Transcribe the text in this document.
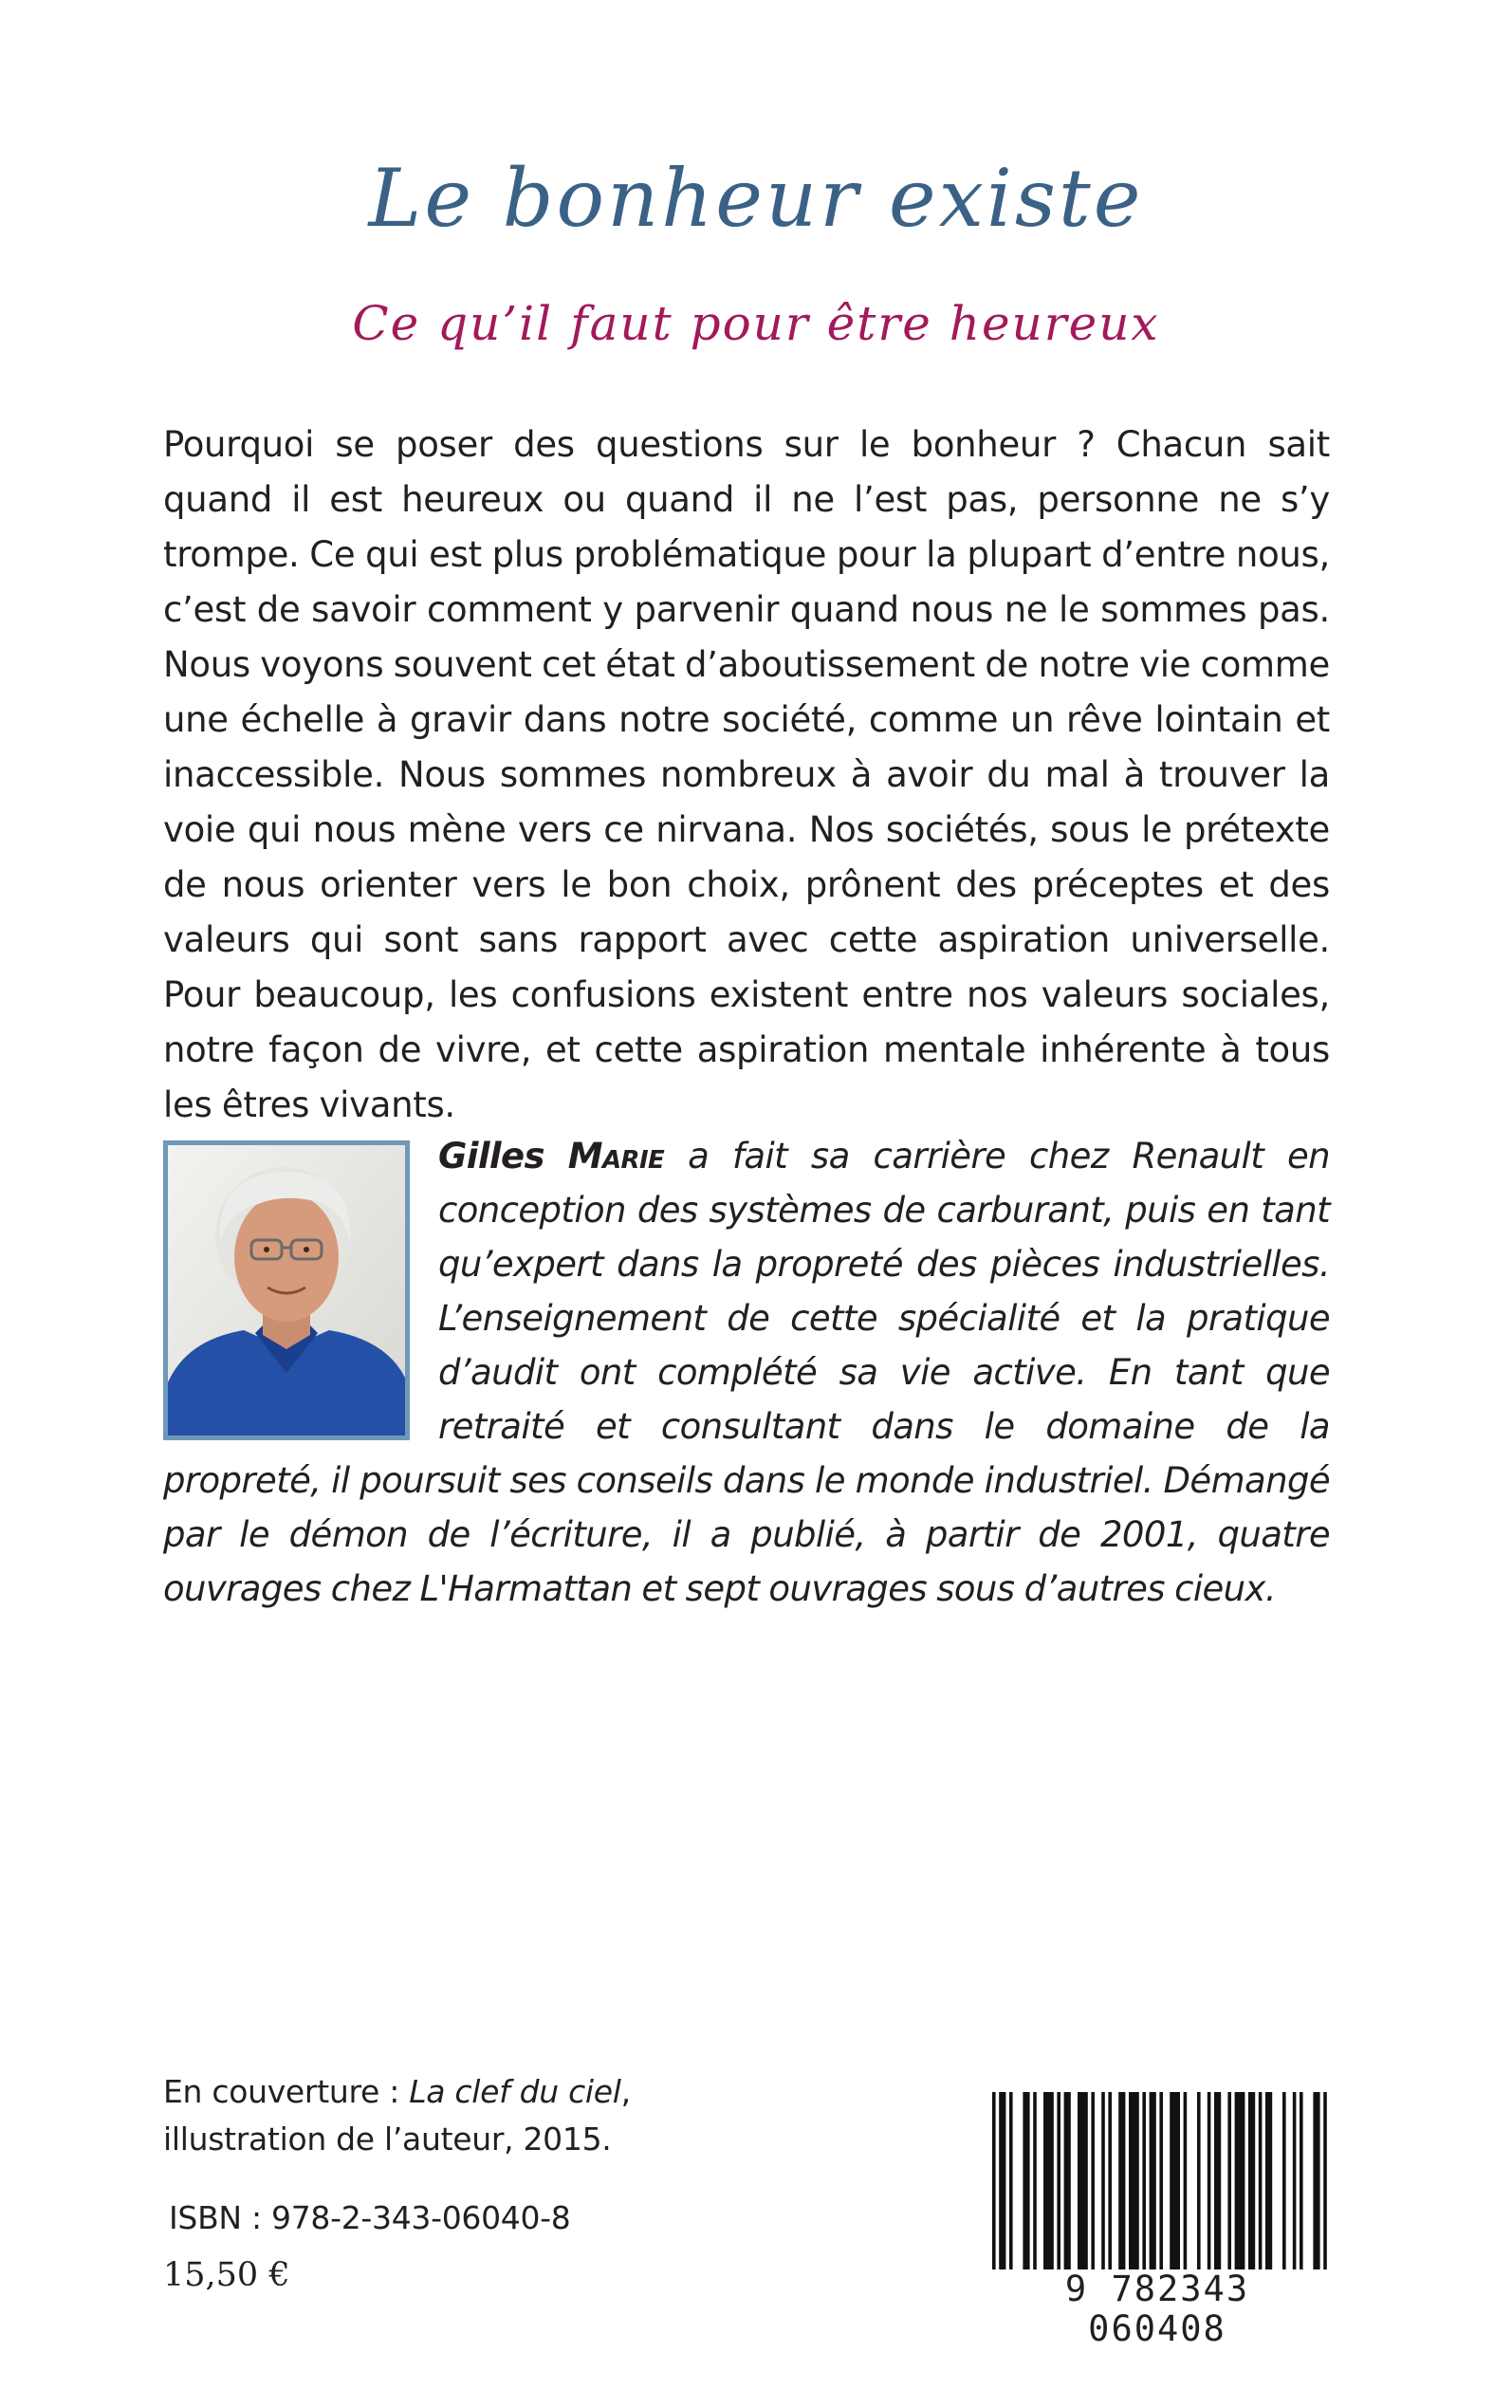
Le bonheur existe
Ce qu’il faut pour être heureux

Pourquoi se poser des questions sur le bonheur ? Chacun sait quand il est heureux ou quand il ne l’est pas, personne ne s’y trompe. Ce qui est plus problématique pour la plupart d’entre nous, c’est de savoir comment y parvenir quand nous ne le sommes pas. Nous voyons souvent cet état d’aboutissement de notre vie comme une échelle à gravir dans notre société, comme un rêve lointain et inaccessible. Nous sommes nombreux à avoir du mal à trouver la voie qui nous mène vers ce nirvana. Nos sociétés, sous le prétexte de nous orienter vers le bon choix, prônent des préceptes et des valeurs qui sont sans rapport avec cette aspiration universelle. Pour beaucoup, les confusions existent entre nos valeurs sociales, notre façon de vivre, et cette aspiration mentale inhérente à tous les êtres vivants.

Gilles Marie a fait sa carrière chez Renault en conception des systèmes de carburant, puis en tant qu’expert dans la propreté des pièces industrielles. L’enseignement de cette spécialité et la pratique d’audit ont complété sa vie active. En tant que retraité et consultant dans le domaine de la propreté, il poursuit ses conseils dans le monde industriel. Démangé par le démon de l’écriture, il a publié, à partir de 2001, quatre ouvrages chez L'Harmattan et sept ouvrages sous d’autres cieux.
En couverture : La clef du ciel,
illustration de l’auteur, 2015.
ISBN : 978-2-343-06040-8
15,50 €	9 782343 060408
